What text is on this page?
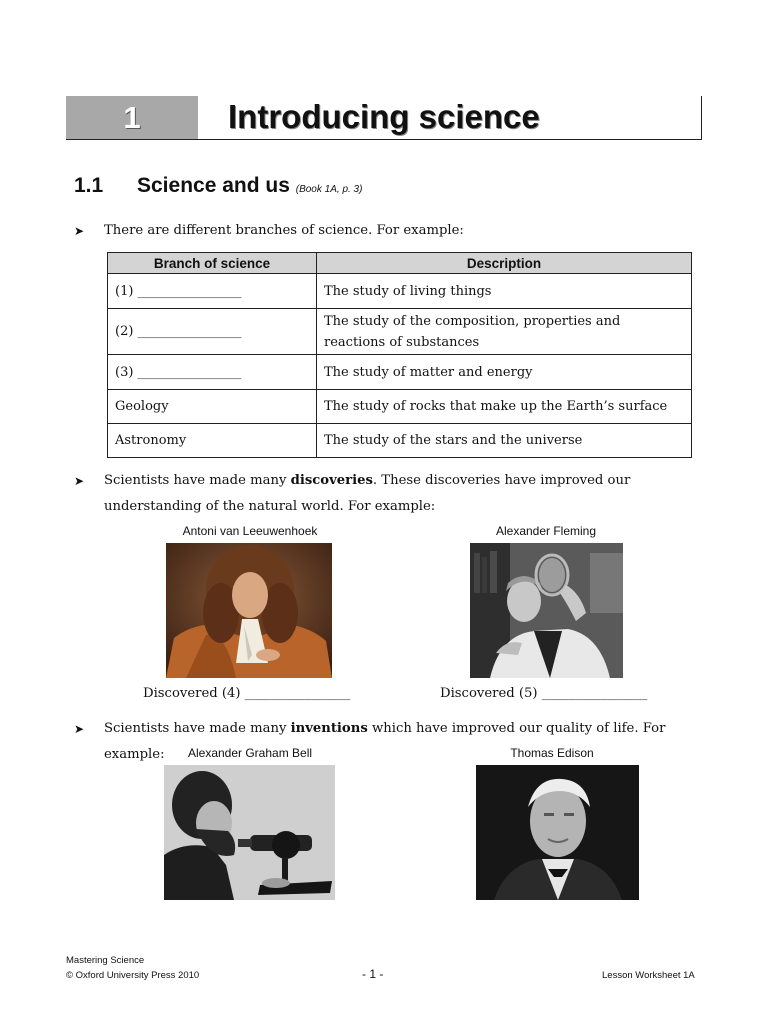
1	Introducing science
1.1 Science and us (Book 1A, p. 3)
➤ There are different branches of science. For example:
Branch of science	Description
(1) ________________	The study of living things
(2) ________________	The study of the composition, properties and reactions of substances
(3) ________________	The study of matter and energy
Geology	The study of rocks that make up the Earth’s surface
Astronomy	The study of the stars and the universe
➤ Scientists have made many discoveries. These discoveries have improved our understanding of the natural world. For example:
Antoni van Leeuwenhoek
Discovered (4) ________________
Alexander Fleming
Discovered (5) ________________
➤ Scientists have made many inventions which have improved our quality of life. For example:	Alexander Graham Bell	Thomas Edison
Mastering Science
© Oxford University Press 2010	- 1 -	Lesson Worksheet 1A
